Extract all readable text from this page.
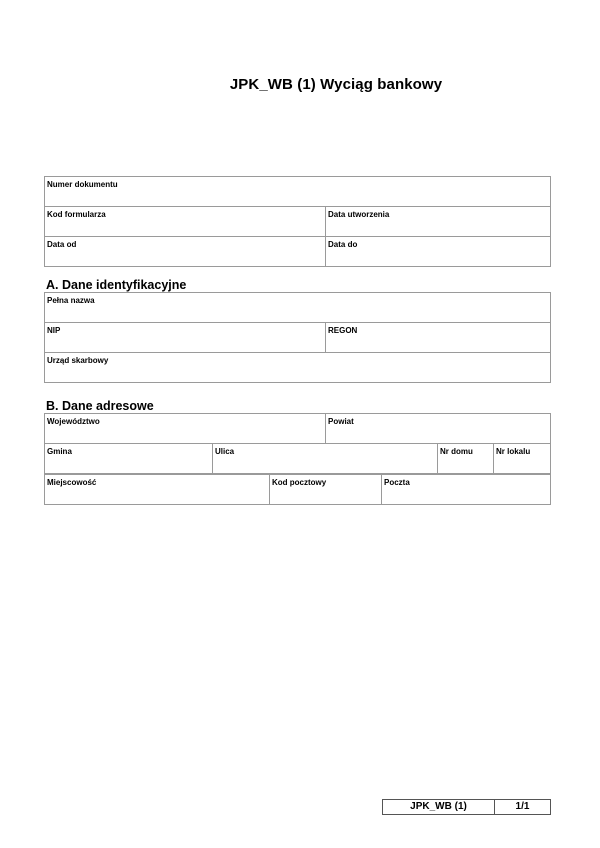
JPK_WB (1) Wyciąg bankowy
Numer dokumentu	

Kod formularza	Data utworzenia

Data od	Data do
A. Dane identyfikacyjne
Pełna nazwa

NIP	REGON

Urząd skarbowy
B. Dane adresowe
Województwo	Powiat
Gmina	Ulica	Nr domu	Nr lokalu
Miejscowość	Kod pocztowy	Poczta
JPK_WB (1)	1/1
